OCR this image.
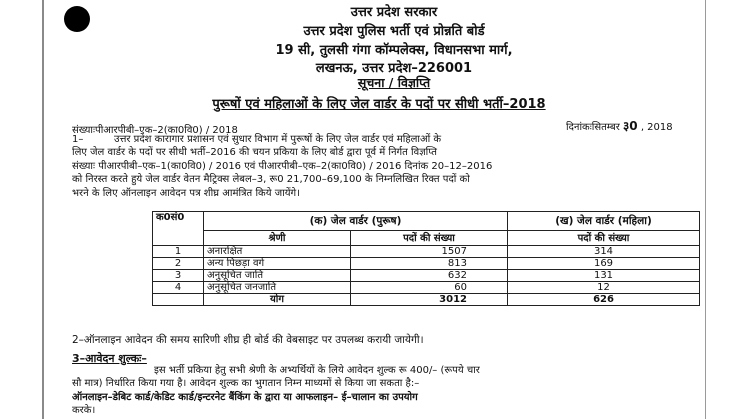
उत्तर प्रदेश सरकार
उत्तर प्रदेश पुलिस भर्ती एवं प्रोन्नति बोर्ड
19 सी, तुलसी गंगा कॉम्पलेक्स, विधानसभा मार्ग,
लखनऊ, उत्तर प्रदेश–226001
सूचना / विज्ञप्ति
पुरूषों एवं महिलाओं के लिए जेल वार्डर के पदों पर सीधी भर्ती–2018
संख्याःपीआरपीबी–एक–2(का0वि0) / 2018	दिनांकःसितम्बर ३0 , 2018
1–	उत्तर प्रदेश कारागार प्रशासन एवं सुधार विभाग में पुरूषों के लिए जेल वार्डर एवं महिलाओं के
लिए जेल वार्डर के पदों पर सीधी भर्ती–2016 की चयन प्रकिया के लिए बोर्ड द्वारा पूर्व में निर्गत विज्ञप्ति
संख्याः पीआरपीबी–एक–1(का0वि0) / 2016 एवं पीआरपीबी–एक–2(का0वि0) / 2016 दिनांक 20–12–2016
को निरस्त करते हुये जेल वार्डर वेतन मैट्रिक्स लेबल–3, रू0 21,700–69,100 के निम्नलिखित रिक्त पदों को
भरने के लिए ऑनलाइन आवेदन पत्र शीघ्र आमंत्रित किये जायेंगे।
क0सं0	(क) जेल वार्डर (पुरूष)		(ख) जेल वार्डर (महिला)
	श्रेणी	पदों की संख्या	पदों की संख्या
1	अनारक्षित	1507	314
2	अन्य पिछड़ा वर्ग	813	169
3	अनुसूचित जाति	632	131
4	अनुसूचित जनजाति	60	12
	योग	3012	626
2–ऑनलाइन आवेदन की समय सारिणी शीघ्र ही बोर्ड की वेबसाइट पर उपलब्ध करायी जायेगी।
3–आवेदन शुल्कः–
इस भर्ती प्रकिया हेतु सभी श्रेणी के अभ्यर्थियों के लिये आवेदन शुल्क रू 400/– (रूपये चार
सौ मात्र) निर्धारित किया गया है। आवेदन शुल्क का भुगतान निम्न माध्यमों से किया जा सकता है:–
ऑनलाइन–डेबिट कार्ड/केडिट कार्ड/इन्टरनेट बैंकिंग के द्वारा या आफलाइन– ई–चालान का उपयोग
करके।
